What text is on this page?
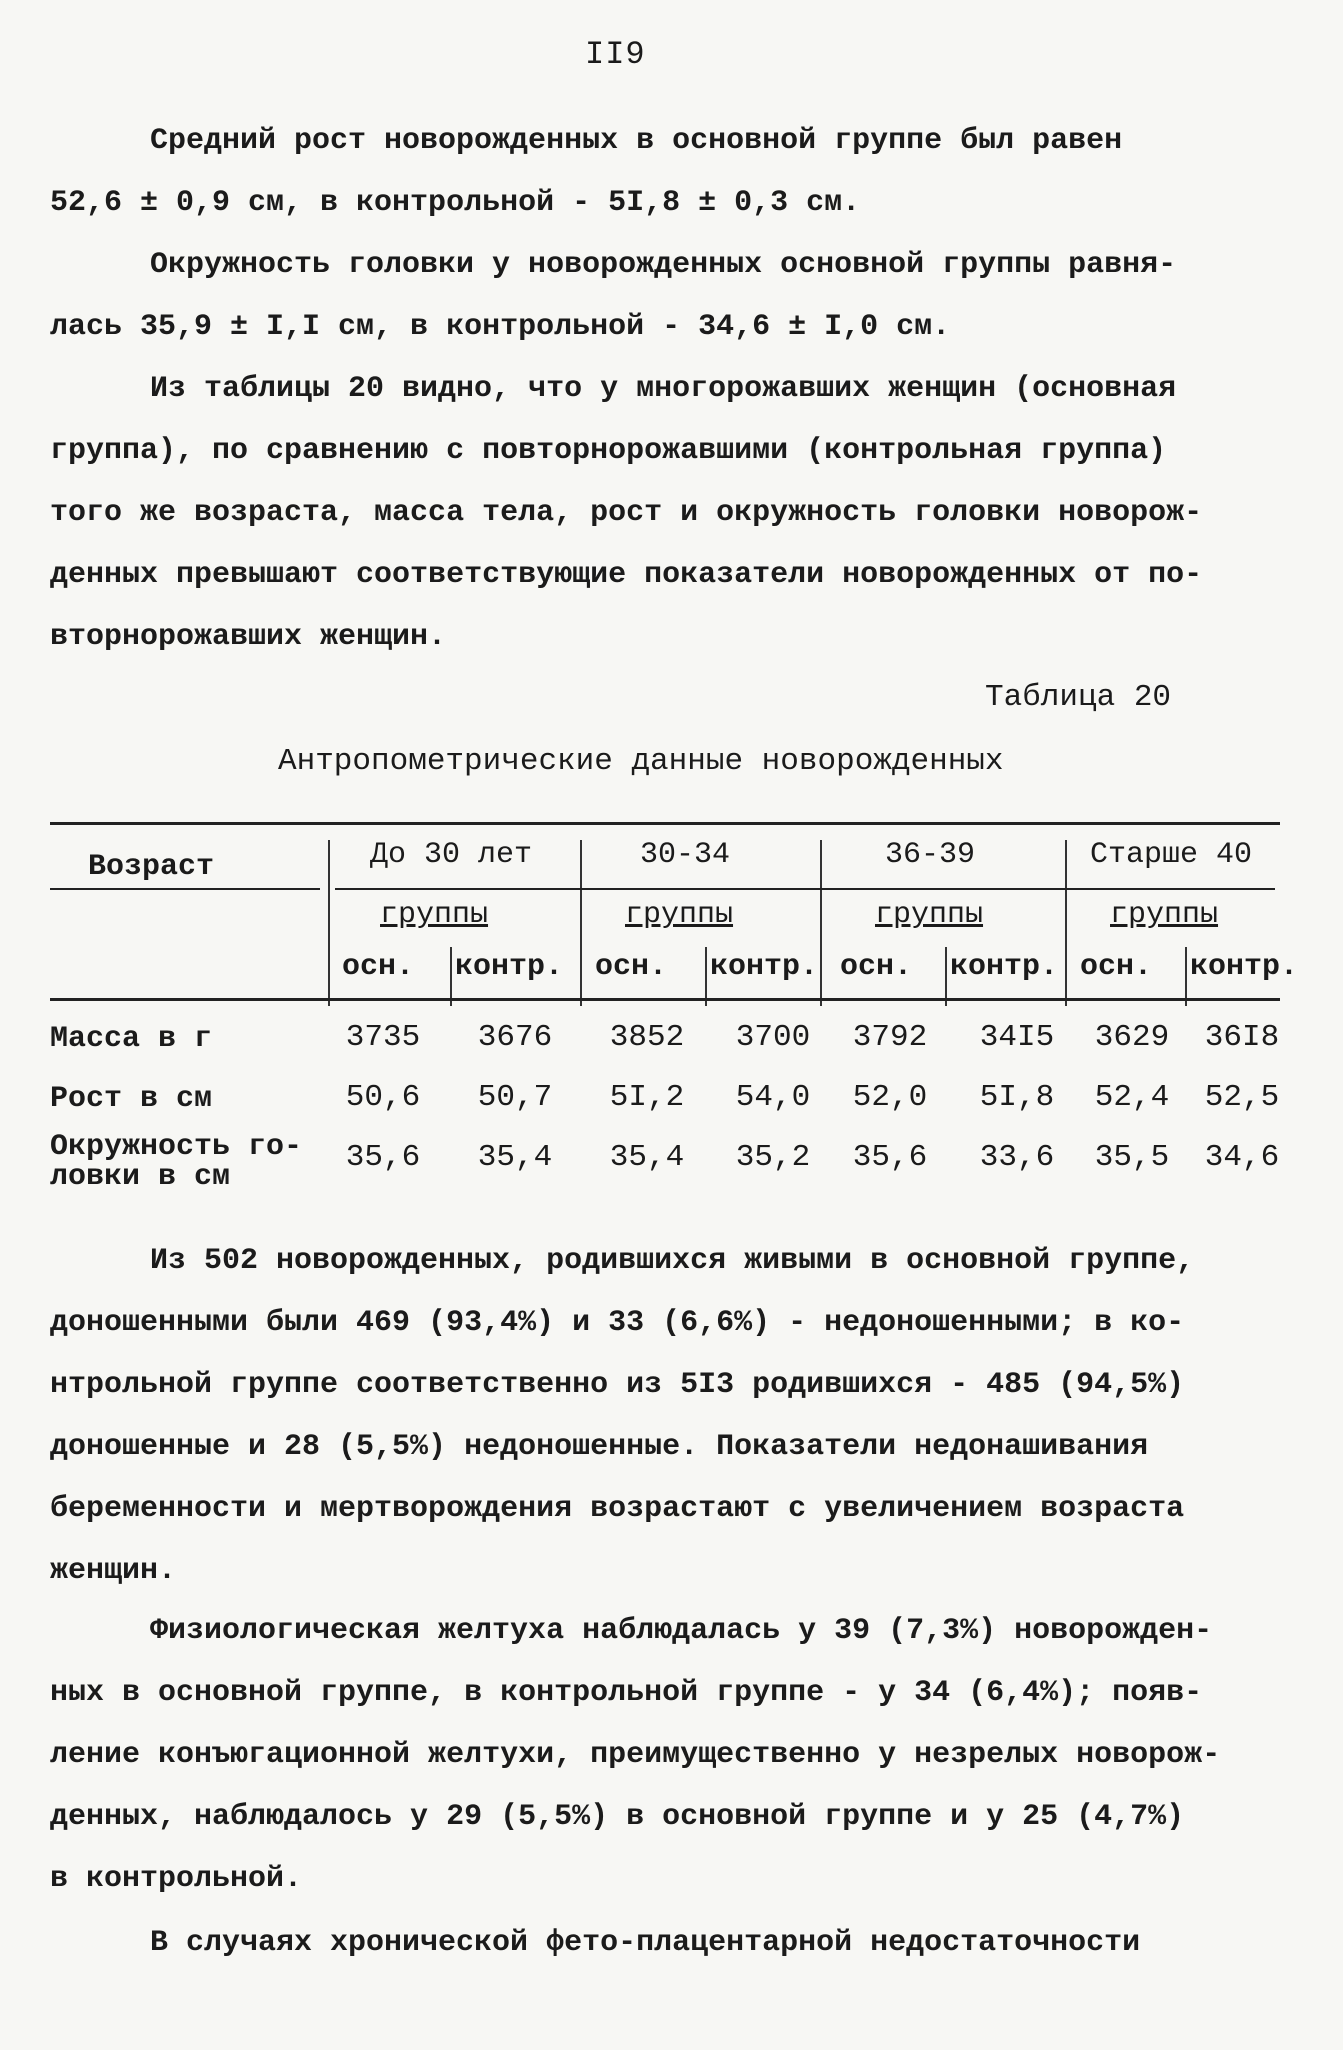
II9
Средний рост новорожденных в основной группе был равен
52,6 ± 0,9 см, в контрольной - 5I,8 ± 0,3 см.
Окружность головки у новорожденных основной группы равня-
лась 35,9 ± I,I см, в контрольной - 34,6 ± I,0 см.
Из таблицы 20 видно, что у многорожавших женщин (основная
группа), по сравнению с повторнорожавшими (контрольная группа)
того же возраста, масса тела, рост и окружность головки новорож-
денных превышают соответствующие показатели новорожденных от по-
вторнорожавших женщин.
Таблица 20
Антропометрические данные новорожденных
Возраст	До 30 лет	30-34	36-39	Старше 40
группы	группы	группы	группы
осн. контр. осн. контр. осн. контр. осн. контр.
Масса в г	3735	3676	3852	3700	3792	34I5	3629	36I8
Рост в см	50,6	50,7	5I,2	54,0	52,0	5I,8	52,4	52,5
Окружность го-
ловки в см
35,6	35,4	35,4	35,2	35,6	33,6	35,5	34,6
Из 502 новорожденных, родившихся живыми в основной группе,
доношенными были 469 (93,4%) и 33 (6,6%) - недоношенными; в ко-
нтрольной группе соответственно из 5I3 родившихся - 485 (94,5%)
доношенные и 28 (5,5%) недоношенные. Показатели недонашивания
беременности и мертворождения возрастают с увеличением возраста
женщин.
Физиологическая желтуха наблюдалась у 39 (7,3%) новорожден-
ных в основной группе, в контрольной группе - у 34 (6,4%); появ-
ление конъюгационной желтухи, преимущественно у незрелых новорож-
денных, наблюдалось у 29 (5,5%) в основной группе и у 25 (4,7%)
в контрольной.
В случаях хронической фето-плацентарной недостаточности
